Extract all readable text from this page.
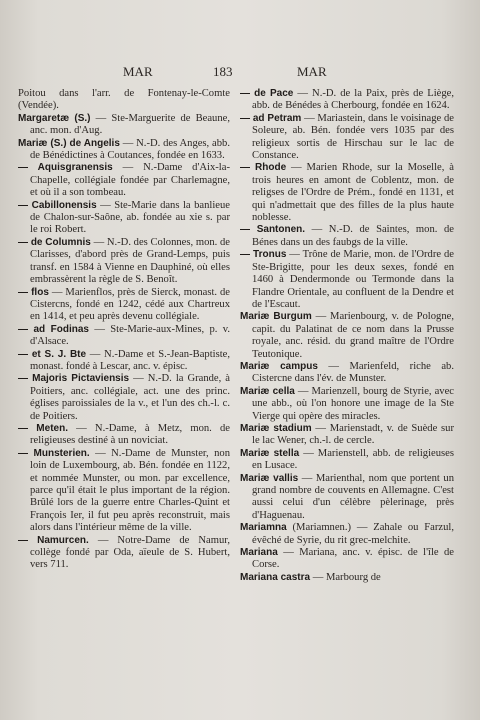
MAR	183	MAR

Poitou dans l'arr. de Fontenay-le-Comte (Vendée).

Margaretæ (S.) — Ste-Marguerite de Beaune, anc. mon. d'Aug.

Mariæ (S.) de Angelis — N.-D. des Anges, abb. de Bénédictines à Coutances, fondée en 1633.

— Aquisgranensis — N.-Dame d'Aix-la-Chapelle, collégiale fondée par Charlemagne, et où il a son tombeau.

— Cabillonensis — Ste-Marie dans la banlieue de Chalon-sur-Saône, ab. fondée au xie s. par le roi Robert.

— de Columnis — N.-D. des Colonnes, mon. de Clarisses, d'abord près de Grand-Lemps, puis transf. en 1584 à Vienne en Dauphiné, où elles embrassèrent la règle de S. Benoît.

— flos — Marienflos, près de Sierck, monast. de Cistercns, fondé en 1242, cédé aux Chartreux en 1414, et peu après devenu collégiale.

— ad Fodinas — Ste-Marie-aux-Mines, p. v. d'Alsace.

— et S. J. Bte — N.-Dame et S.-Jean-Baptiste, monast. fondé à Lescar, anc. v. épisc.

— Majoris Pictaviensis — N.-D. la Grande, à Poitiers, anc. collégiale, act. une des princ. églises paroissiales de la v., et l'un des ch.-l. c. de Poitiers.

— Meten. — N.-Dame, à Metz, mon. de religieuses destiné à un noviciat.

— Munsterien. — N.-Dame de Munster, non loin de Luxembourg, ab. Bén. fondée en 1122, et nommée Munster, ou mon. par excellence, parce qu'il était le plus important de la région. Brûlé lors de la guerre entre Charles-Quint et François Ier, il fut peu après reconstruit, mais alors dans l'intérieur même de la ville.

— Namurcen. — Notre-Dame de Namur, collège fondé par Oda, aïeule de S. Hubert, vers 711.

— de Pace — N.-D. de la Paix, près de Liège, abb. de Bénédes à Cherbourg, fondée en 1624.

— ad Petram — Mariastein, dans le voisinage de Soleure, ab. Bén. fondée vers 1035 par des religieux sortis de Hirschau sur le lac de Constance.

— Rhode — Marien Rhode, sur la Moselle, à trois heures en amont de Coblentz, mon. de religses de l'Ordre de Prém., fondé en 1131, et qui n'admettait que des filles de la plus haute noblesse.

— Santonen. — N.-D. de Saintes, mon. de Bénes dans un des faubgs de la ville.

— Tronus — Trône de Marie, mon. de l'Ordre de Ste-Brigitte, pour les deux sexes, fondé en 1460 à Dendermonde ou Termonde dans la Flandre Orientale, au confluent de la Dendre et de l'Escaut.

Mariæ Burgum — Marienbourg, v. de Pologne, capit. du Palatinat de ce nom dans la Prusse royale, anc. résid. du grand maître de l'Ordre Teutonique.

Mariæ campus — Marienfeld, riche ab. Cistercne dans l'év. de Munster.

Mariæ cella — Marienzell, bourg de Styrie, avec une abb., où l'on honore une image de la Ste Vierge qui opère des miracles.

Mariæ stadium — Marienstadt, v. de Suède sur le lac Wener, ch.-l. de cercle.

Mariæ stella — Marienstell, abb. de religieuses en Lusace.

Mariæ vallis — Marienthal, nom que portent un grand nombre de couvents en Allemagne. C'est aussi celui d'un célèbre pèlerinage, près d'Haguenau.

Mariamna (Mariamnen.) — Zahale ou Farzul, évêché de Syrie, du rit grec-melchite.

Mariana — Mariana, anc. v. épisc. de l'île de Corse.

Mariana castra — Marbourg de
